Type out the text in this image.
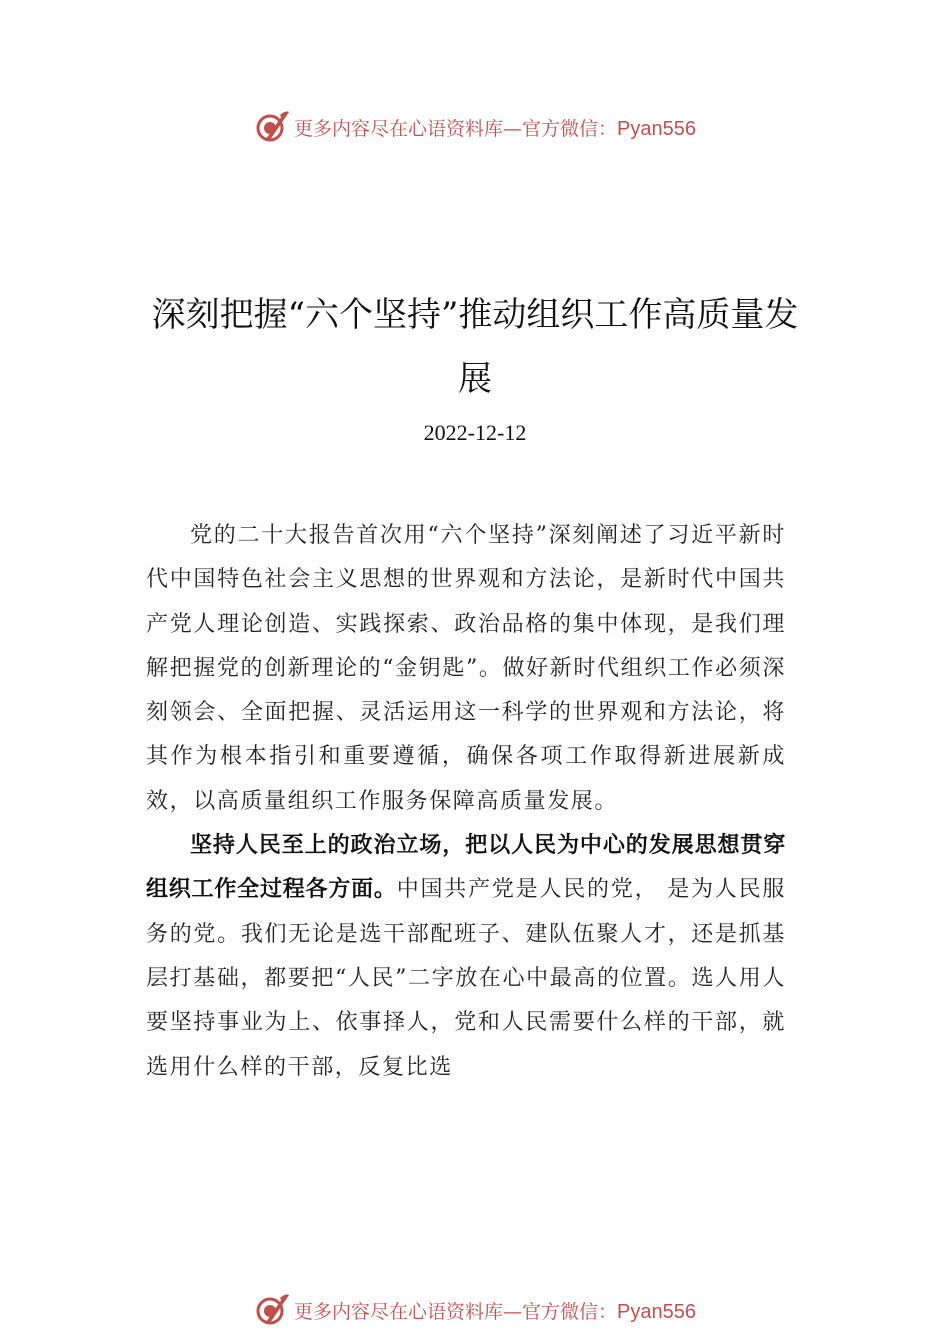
更多内容尽在心语资料库—官方微信：Pyan556
深刻把握“六个坚持”推动组织工作高质量发展
2022-12-12

党的二十大报告首次用“六个坚持”深刻阐述了习近平新时代中国特色社会主义思想的世界观和方法论，是新时代中国共产党人理论创造、实践探索、政治品格的集中体现，是我们理解把握党的创新理论的“金钥匙”。做好新时代组织工作必须深刻领会、全面把握、灵活运用这一科学的世界观和方法论，将其作为根本指引和重要遵循，确保各项工作取得新进展新成效，以高质量组织工作服务保障高质量发展。

坚持人民至上的政治立场，把以人民为中心的发展思想贯穿组织工作全过程各方面。中国共产党是人民的党， 是为人民服务的党。我们无论是选干部配班子、建队伍聚人才，还是抓基层打基础，都要把“人民”二字放在心中最高的位置。选人用人要坚持事业为上、依事择人，党和人民需要什么样的干部，就选用什么样的干部，反复比选

更多内容尽在心语资料库—官方微信：Pyan556
